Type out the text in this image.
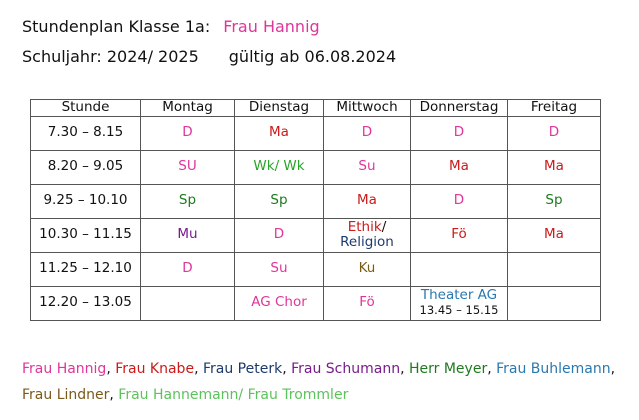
Stundenplan Klasse 1a: Frau Hannig
Schuljahr: 2024/ 2025 gültig ab 06.08.2024
Stunde	Montag	Dienstag	Mittwoch	Donnerstag	Freitag
7.30 – 8.15	D	Ma	D	D	D
8.20 – 9.05	SU	Wk/ Wk	Su	Ma	Ma
9.25 – 10.10	Sp	Sp	Ma	D	Sp
10.30 – 11.15	Mu	D	Ethik/
Religion	Fö	Ma
11.25 – 12.10	D	Su	Ku		
12.20 – 13.05		AG Chor	Fö	Theater AG
13.45 – 15.15	
Frau Hannig, Frau Knabe, Frau Peterk, Frau Schumann, Herr Meyer, Frau Buhlemann,
Frau Lindner, Frau Hannemann/ Frau Trommler
